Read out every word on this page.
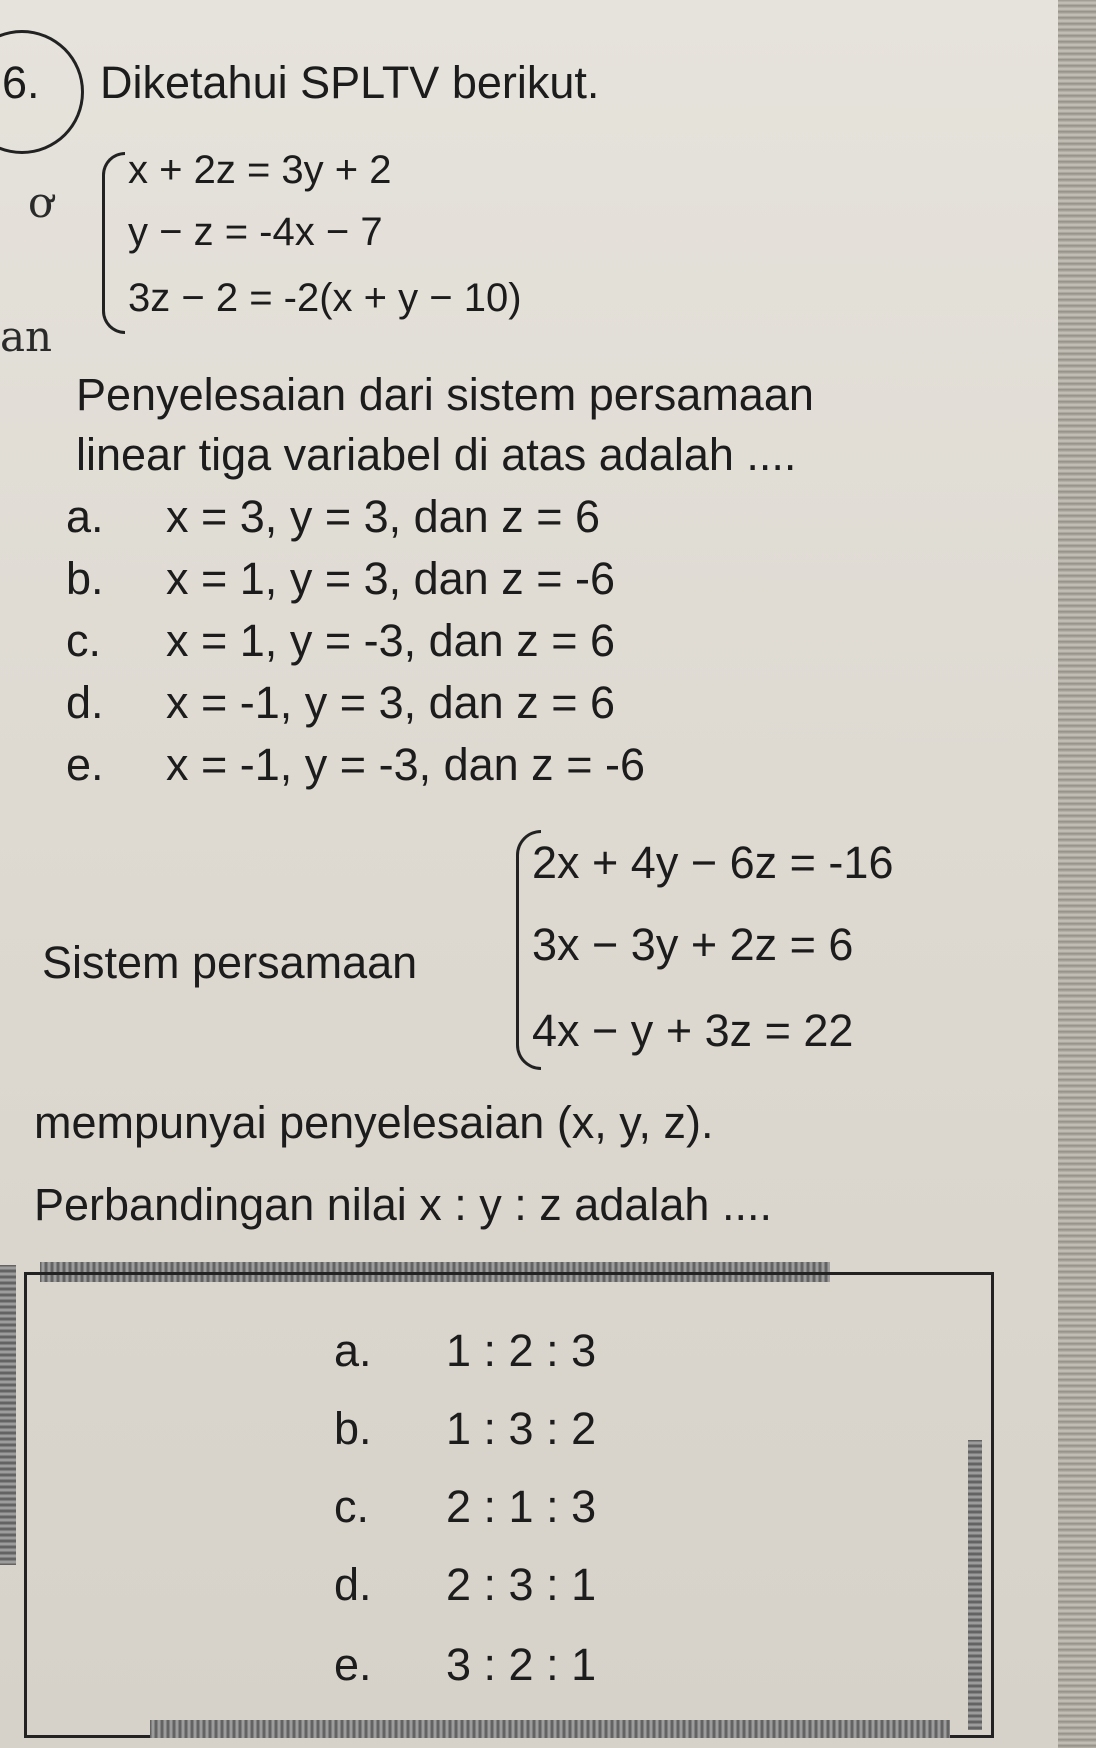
6. Diketahui SPLTV berikut.
ơ
an
x + 2z = 3y + 2
y − z = -4x − 7
3z − 2 = -2(x + y − 10)
Penyelesaian dari sistem persamaan
linear tiga variabel di atas adalah ....
a. x = 3, y = 3, dan z = 6
b. x = 1, y = 3, dan z = -6
c. x = 1, y = -3, dan z = 6
d. x = -1, y = 3, dan z = 6
e. x = -1, y = -3, dan z = -6
Sistem persamaan
2x + 4y − 6z = -16
3x − 3y + 2z = 6
4x − y + 3z = 22
mempunyai penyelesaian (x, y, z).
Perbandingan nilai x : y : z adalah ....
a. 1 : 2 : 3
b. 1 : 3 : 2
c. 2 : 1 : 3
d. 2 : 3 : 1
e. 3 : 2 : 1
